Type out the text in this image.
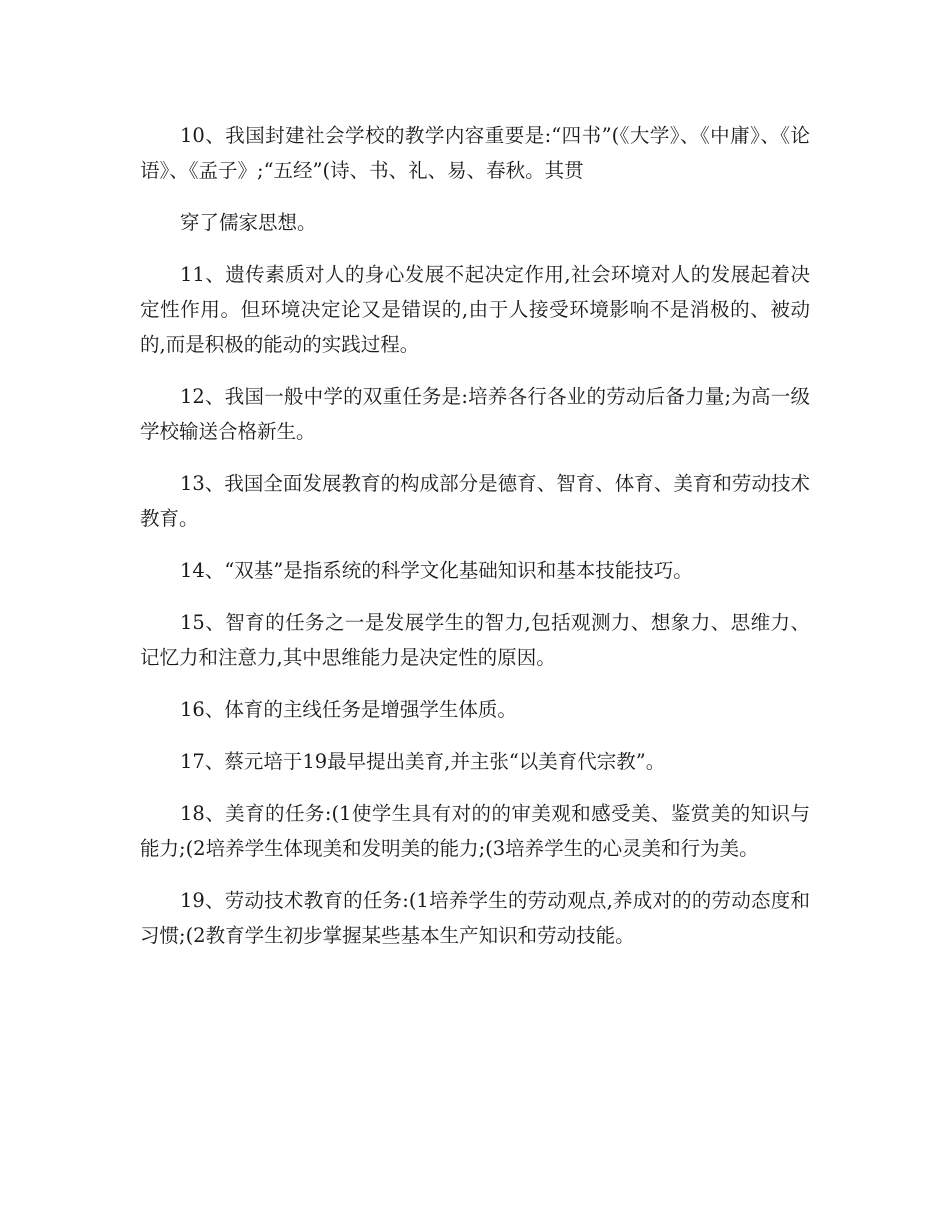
10、我国封建社会学校的教学内容重要是:“四书”(《大学》、《中庸》、《论语》、《孟子》;“五经”(诗、书、礼、易、春秋。其贯

穿了儒家思想。

11、遗传素质对人的身心发展不起决定作用,社会环境对人的发展起着决定性作用。但环境决定论又是错误的,由于人接受环境影响不是消极的、被动的,而是积极的能动的实践过程。

12、我国一般中学的双重任务是:培养各行各业的劳动后备力量;为高一级学校输送合格新生。

13、我国全面发展教育的构成部分是德育、智育、体育、美育和劳动技术教育。

14、“双基”是指系统的科学文化基础知识和基本技能技巧。

15、智育的任务之一是发展学生的智力,包括观测力、想象力、思维力、记忆力和注意力,其中思维能力是决定性的原因。

16、体育的主线任务是增强学生体质。

17、蔡元培于19最早提出美育,并主张“以美育代宗教”。

18、美育的任务:(1使学生具有对的的审美观和感受美、鉴赏美的知识与能力;(2培养学生体现美和发明美的能力;(3培养学生的心灵美和行为美。

19、劳动技术教育的任务:(1培养学生的劳动观点,养成对的的劳动态度和习惯;(2教育学生初步掌握某些基本生产知识和劳动技能。
